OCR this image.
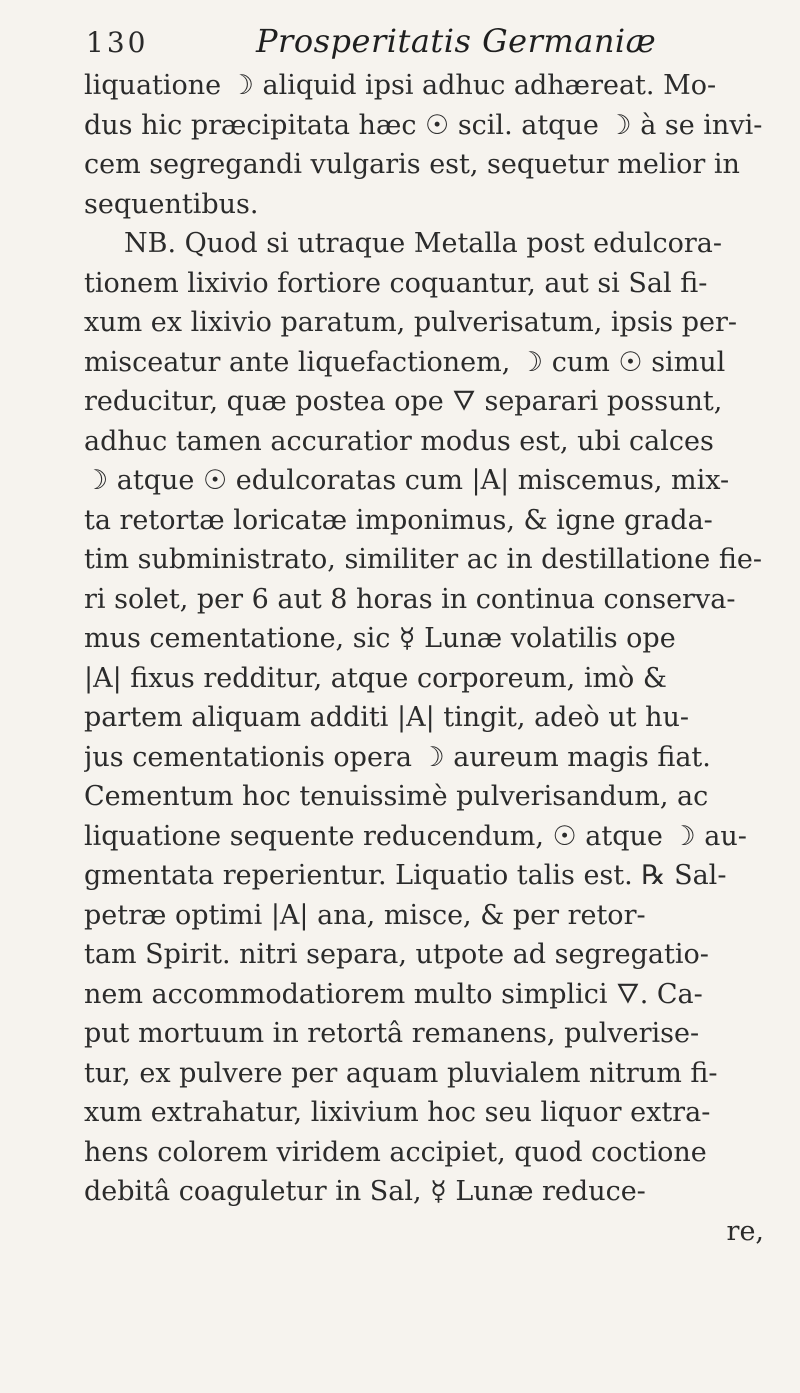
130	Prosperitatis Germaniæ
liquatione ☽ aliquid ipsi adhuc adhæreat. Mo-
dus hic præcipitata hæc ☉ scil. atque ☽ à se invi-
cem segregandi vulgaris est, sequetur melior in
sequentibus.
NB. Quod si utraque Metalla post edulcora-
tionem lixivio fortiore coquantur, aut si Sal fi-
xum ex lixivio paratum, pulverisatum, ipsis per-
misceatur ante liquefactionem, ☽ cum ☉ simul
reducitur, quæ postea ope 🜄 separari possunt,
adhuc tamen accuratior modus est, ubi calces
☽ atque ☉ edulcoratas cum |A| miscemus, mix-
ta retortæ loricatæ imponimus, & igne grada-
tim subministrato, similiter ac in destillatione fie-
ri solet, per 6 aut 8 horas in continua conserva-
mus cementatione, sic ☿ Lunæ volatilis ope
|A| fixus redditur, atque corporeum, imò &
partem aliquam additi |A| tingit, adeò ut hu-
jus cementationis opera ☽ aureum magis fiat.
Cementum hoc tenuissimè pulverisandum, ac
liquatione sequente reducendum, ☉ atque ☽ au-
gmentata reperientur. Liquatio talis est. ℞ Sal-
petræ optimi |A| ana, misce, & per retor-
tam Spirit. nitri separa, utpote ad segregatio-
nem accommodatiorem multo simplici 🜄. Ca-
put mortuum in retortâ remanens, pulverise-
tur, ex pulvere per aquam pluvialem nitrum fi-
xum extrahatur, lixivium hoc seu liquor extra-
hens colorem viridem accipiet, quod coctione
debitâ coaguletur in Sal, ☿ Lunæ reduce-
re,
